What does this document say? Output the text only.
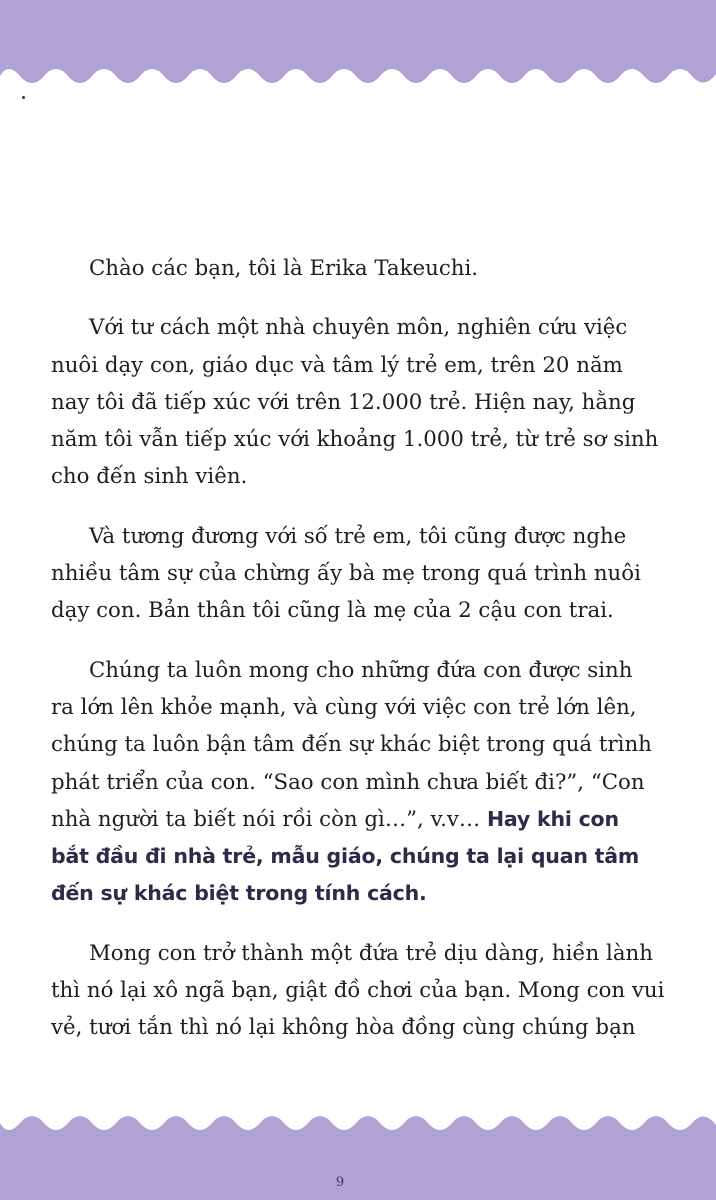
Chào các bạn, tôi là Erika Takeuchi.

Với tư cách một nhà chuyên môn, nghiên cứu việc
nuôi dạy con, giáo dục và tâm lý trẻ em, trên 20 năm
nay tôi đã tiếp xúc với trên 12.000 trẻ. Hiện nay, hằng
năm tôi vẫn tiếp xúc với khoảng 1.000 trẻ, từ trẻ sơ sinh
cho đến sinh viên.

Và tương đương với số trẻ em, tôi cũng được nghe
nhiều tâm sự của chừng ấy bà mẹ trong quá trình nuôi
dạy con. Bản thân tôi cũng là mẹ của 2 cậu con trai.

Chúng ta luôn mong cho những đứa con được sinh
ra lớn lên khỏe mạnh, và cùng với việc con trẻ lớn lên,
chúng ta luôn bận tâm đến sự khác biệt trong quá trình
phát triển của con. “Sao con mình chưa biết đi?”, “Con
nhà người ta biết nói rồi còn gì…”, v.v… Hay khi con
bắt đầu đi nhà trẻ, mẫu giáo, chúng ta lại quan tâm
đến sự khác biệt trong tính cách.

Mong con trở thành một đứa trẻ dịu dàng, hiền lành
thì nó lại xô ngã bạn, giật đồ chơi của bạn. Mong con vui
vẻ, tươi tắn thì nó lại không hòa đồng cùng chúng bạn

9
